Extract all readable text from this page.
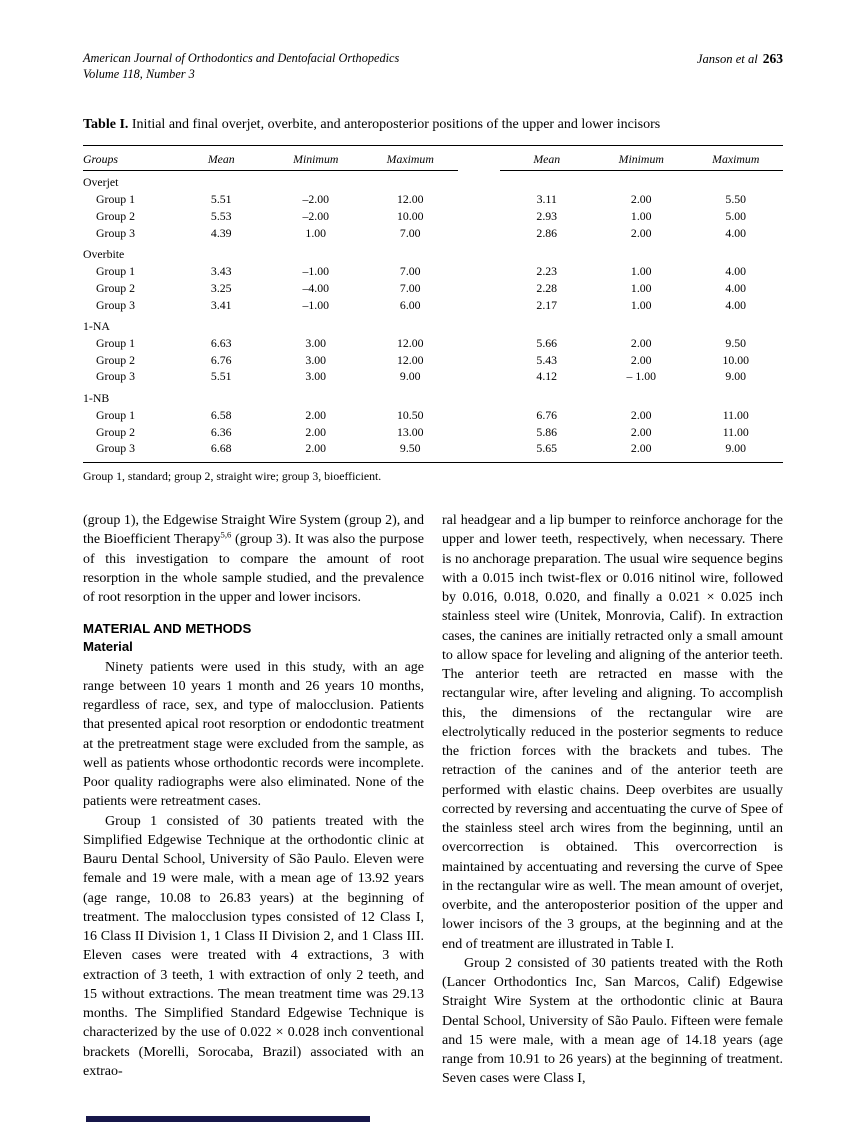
American Journal of Orthodontics and Dentofacial Orthopedics
Volume 118, Number 3
Janson et al 263
Table I. Initial and final overjet, overbite, and anteroposterior positions of the upper and lower incisors
Groups	Mean	Minimum	Maximum		Mean	Minimum	Maximum
Overjet							
Group 1	5.51	–2.00	12.00		3.11	2.00	5.50
Group 2	5.53	–2.00	10.00		2.93	1.00	5.00
Group 3	4.39	1.00	7.00		2.86	2.00	4.00
Overbite							
Group 1	3.43	–1.00	7.00		2.23	1.00	4.00
Group 2	3.25	–4.00	7.00		2.28	1.00	4.00
Group 3	3.41	–1.00	6.00		2.17	1.00	4.00
1-NA							
Group 1	6.63	3.00	12.00		5.66	2.00	9.50
Group 2	6.76	3.00	12.00		5.43	2.00	10.00
Group 3	5.51	3.00	9.00		4.12	– 1.00	9.00
1-NB							
Group 1	6.58	2.00	10.50		6.76	2.00	11.00
Group 2	6.36	2.00	13.00		5.86	2.00	11.00
Group 3	6.68	2.00	9.50		5.65	2.00	9.00
Group 1, standard; group 2, straight wire; group 3, bioefficient.

(group 1), the Edgewise Straight Wire System (group 2), and the Bioefficient Therapy$^{5,6}$ (group 3). It was also the purpose of this investigation to compare the amount of root resorption in the whole sample studied, and the prevalence of root resorption in the upper and lower incisors.

MATERIAL AND METHODS
Material

Ninety patients were used in this study, with an age range between 10 years 1 month and 26 years 10 months, regardless of race, sex, and type of malocclusion. Patients that presented apical root resorption or endodontic treatment at the pretreatment stage were excluded from the sample, as well as patients whose orthodontic records were incomplete. Poor quality radiographs were also eliminated. None of the patients were retreatment cases.

Group 1 consisted of 30 patients treated with the Simplified Edgewise Technique at the orthodontic clinic at Bauru Dental School, University of São Paulo. Eleven were female and 19 were male, with a mean age of 13.92 years (age range, 10.08 to 26.83 years) at the beginning of treatment. The malocclusion types consisted of 12 Class I, 16 Class II Division 1, 1 Class II Division 2, and 1 Class III. Eleven cases were treated with 4 extractions, 3 with extraction of 3 teeth, 1 with extraction of only 2 teeth, and 15 without extractions. The mean treatment time was 29.13 months. The Simplified Standard Edgewise Technique is characterized by the use of 0.022 × 0.028 inch conventional brackets (Morelli, Sorocaba, Brazil) associated with an extrao-

ral headgear and a lip bumper to reinforce anchorage for the upper and lower teeth, respectively, when necessary. There is no anchorage preparation. The usual wire sequence begins with a 0.015 inch twist-flex or 0.016 nitinol wire, followed by 0.016, 0.018, 0.020, and finally a 0.021 × 0.025 inch stainless steel wire (Unitek, Monrovia, Calif). In extraction cases, the canines are initially retracted only a small amount to allow space for leveling and aligning of the anterior teeth. The anterior teeth are retracted en masse with the rectangular wire, after leveling and aligning. To accomplish this, the dimensions of the rectangular wire are electrolytically reduced in the posterior segments to reduce the friction forces with the brackets and tubes. The retraction of the canines and of the anterior teeth are performed with elastic chains. Deep overbites are usually corrected by reversing and accentuating the curve of Spee of the stainless steel arch wires from the beginning, until an overcorrection is obtained. This overcorrection is maintained by accentuating and reversing the curve of Spee in the rectangular wire as well. The mean amount of overjet, overbite, and the anteroposterior position of the upper and lower incisors of the 3 groups, at the beginning and at the end of treatment are illustrated in Table I.

Group 2 consisted of 30 patients treated with the Roth (Lancer Orthodontics Inc, San Marcos, Calif) Edgewise Straight Wire System at the orthodontic clinic at Baura Dental School, University of São Paulo. Fifteen were female and 15 were male, with a mean age of 14.18 years (age range from 10.91 to 26 years) at the beginning of treatment. Seven cases were Class I,
